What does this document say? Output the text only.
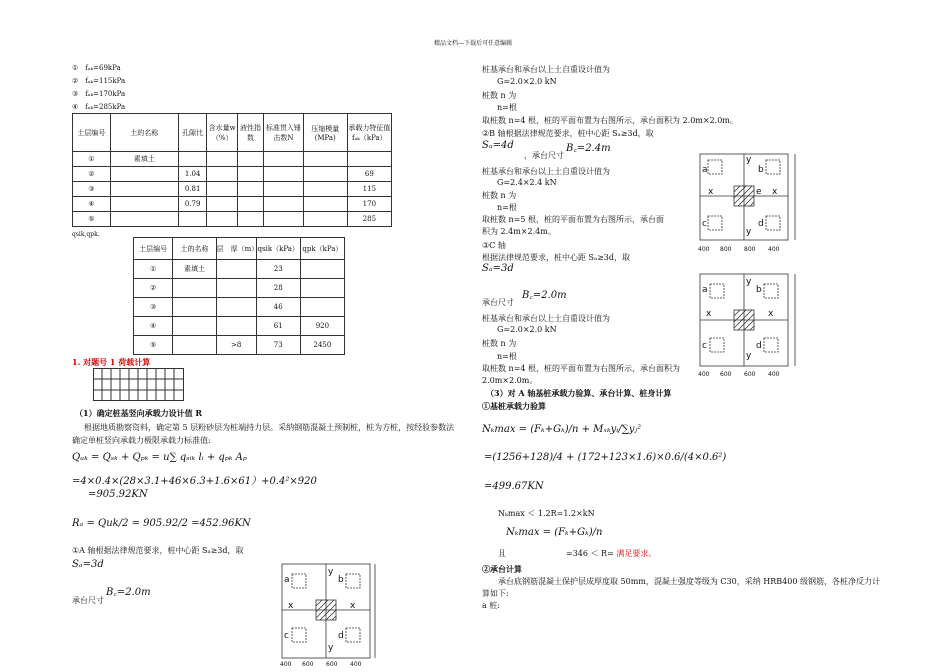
精品文档---下载后可任意编辑
①　fₐₖ=69kPa
②　fₐₖ=115kPa
③　fₐₖ=170kPa
④　fₐₖ=285kPa
土层编号	土的名称	孔隙比	含水量w（%）	液性指数	标准贯入锤击数N	压缩模量(MPa)	承载力特征值fₐₖ（kPa）
①	素填土						
②		1.04					69
③		0.81					115
④		0.79					170
⑤							285
qsik,qpk.
土层编号	土的名称	层　厚（m）	qsik（kPa）	qpk（kPa）
①	素填土		23	
②			28	
③			46	
④			61	920
⑤		>8	73	2450
1. 对题号 1 荷载计算
（1）确定桩基竖向承载力设计值 R
根据地质勘察资料，确定第 5 层粉砂层为桩端持力层。采纳钢筋混凝土预制桩，桩为方桩，按经验参数法
确定单桩竖向承载力极限承载力标准值:
Qᵤₖ = Qₛₖ + Qₚₖ = u∑ qₛᵢₖ lᵢ + qₚₖ Aₚ
=4×0.4×(28×3.1+46×6.3+1.6×61）+0.4²×920
=905.92KN
Rₐ = Quk/2 = 905.92/2 =452.96KN
①A 轴根据法律规范要求，桩中心距 Sₐ≥3d，取
Sₐ=3d
承台尺寸
B꜀=2.0m
a	b
c	d
x	x
y
y
400 600 600 400
桩基承台和承台以上土自重设计值为
G=2.0×2.0 kN
桩数 n 为
n=根
取桩数 n=4 根，桩的平面布置为右图所示，承台面积为 2.0m×2.0m。
②B 轴根据法律规范要求，桩中心距 Sₐ≥3d，取
Sₐ=4d	B꜀=2.4m
，承台尺寸
桩基承台和承台以上土自重设计值为
G=2.4×2.4 kN
桩数 n 为
n=根
取桩数 n=5 根，桩的平面布置为右图所示，承台面
积为 2.4m×2.4m。
③C 轴
根据法律规范要求，桩中心距 Sₐ≥3d，取
Sₐ=3d
B꜀=2.0m
承台尺寸
桩基承台和承台以上土自重设计值为
G=2.0×2.0 kN
桩数 n 为
n=根
取桩数 n=4 根，桩的平面布置为右图所示，承台面积为
2.0m×2.0m。
（3）对 A 轴基桩承载力验算、承台计算、桩身计算
①基桩承载力验算
Nₖmax = (Fₖ+Gₖ)/n + Mₓₖyᵢ/∑yⱼ²
=(1256+128)/4 + (172+123×1.6)×0.6/(4×0.6²)
=499.67KN
Nₖmax ＜ 1.2R=1.2×kN
Nₖmax = (Fₖ+Gₖ)/n
且	=346 ＜ R= 满足要求。
②承台计算
承台底钢筋混凝土保护层成厚度取 50mm，混凝土强度等级为 C30，采纳 HRB400 级钢筋，各桩净反力计
算如下:
a 桩:
a	b
c	d
x	x
e
y
y
400 800 800 400
a	b
c	d
x	x
y
y
400 600 600 400
